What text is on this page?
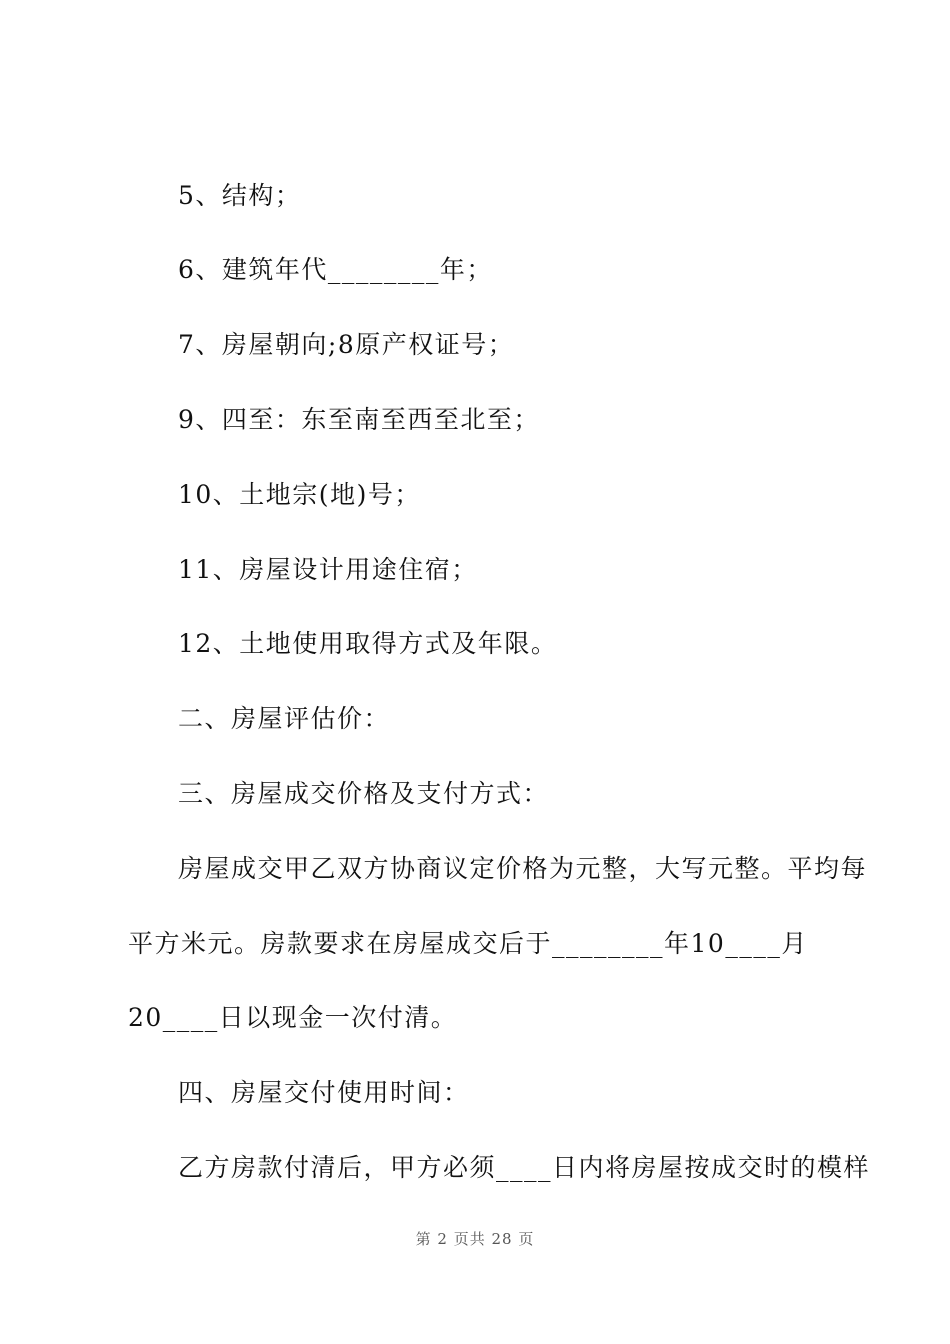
5、结构；
6、建筑年代________年；
7、房屋朝向;8原产权证号；
9、四至：东至南至西至北至；
10、土地宗(地)号；
11、房屋设计用途住宿；
12、土地使用取得方式及年限。
二、房屋评估价：
三、房屋成交价格及支付方式：
房屋成交甲乙双方协商议定价格为元整，大写元整。平均每
平方米元。房款要求在房屋成交后于________年10____月
20____日以现金一次付清。
四、房屋交付使用时间：
乙方房款付清后，甲方必须____日内将房屋按成交时的模样
第 2 页共 28 页
